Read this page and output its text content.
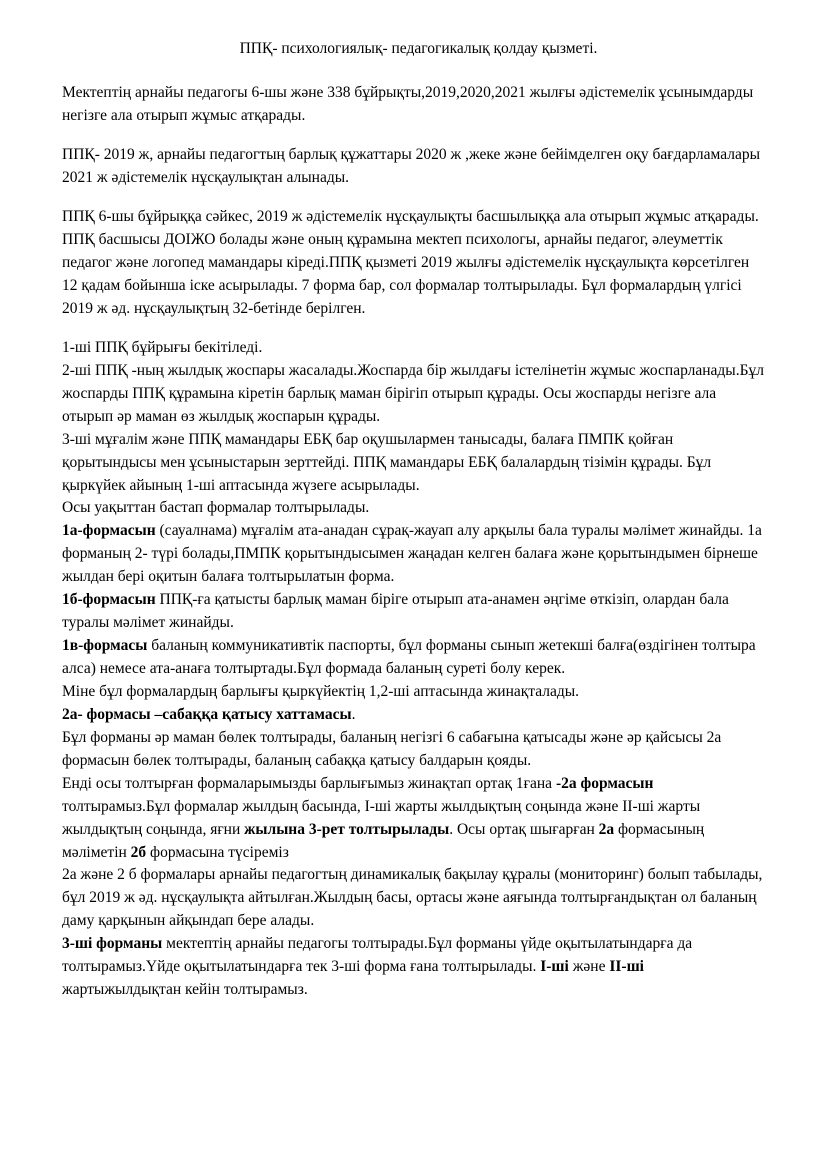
ППҚ- психологиялық- педагогикалық қолдау қызметі.

Мектептің арнайы педагогы 6-шы және 338 бұйрықты,2019,2020,2021 жылғы әдістемелік ұсынымдарды негізге ала отырып жұмыс атқарады.

ППҚ- 2019 ж, арнайы педагогтың барлық құжаттары 2020 ж ,жеке және бейімделген оқу бағдарламалары 2021 ж әдістемелік нұсқаулықтан алынады.

ППҚ 6-шы бұйрыққа сәйкес, 2019 ж әдістемелік нұсқаулықты басшылыққа ала отырып жұмыс атқарады. ППҚ басшысы ДОІЖО болады және оның құрамына мектеп психологы, арнайы педагог, әлеуметтік педагог және логопед мамандары кіреді.ППҚ қызметі 2019 жылғы әдістемелік нұсқаулықта көрсетілген 12 қадам бойынша іске асырылады. 7 форма бар, сол формалар толтырылады. Бұл формалардың үлгісі 2019 ж әд. нұсқаулықтың 32-бетінде берілген.

1-ші ППҚ бұйрығы бекітіледі.

2-ші ППҚ -ның жылдық жоспары жасалады.Жоспарда бір жылдағы істелінетін жұмыс жоспарланады.Бұл жоспарды ППҚ құрамына кіретін барлық маман бірігіп отырып құрады. Осы жоспарды негізге ала отырып әр маман өз жылдық жоспарын құрады.

3-ші мұғалім және ППҚ мамандары ЕБҚ бар оқушылармен танысады, балаға ПМПК қойған қорытындысы мен ұсыныстарын зерттейді. ППҚ мамандары ЕБҚ балалардың тізімін құрады. Бұл қыркүйек айының 1-ші аптасында жүзеге асырылады.

Осы уақыттан бастап формалар толтырылады.

1а-формасын (сауалнама) мұғалім ата-анадан сұрақ-жауап алу арқылы бала туралы мәлімет жинайды. 1а форманың 2- түрі болады,ПМПК қорытындысымен жаңадан келген балаға және қорытындымен бірнеше жылдан бері оқитын балаға толтырылатын форма.

1б-формасын ППҚ-ға қатысты барлық маман біріге отырып ата-анамен әңгіме өткізіп, олардан бала туралы мәлімет жинайды.

1в-формасы баланың коммуникативтік паспорты, бұл форманы сынып жетекші балға(өздігінен толтыра алса) немесе ата-анаға толтыртады.Бұл формада баланың суреті болу керек.

Міне бұл формалардың барлығы қыркүйектің 1,2-ші аптасында жинақталады.

2а- формасы –сабаққа қатысу хаттамасы.

Бұл форманы әр маман бөлек толтырады, баланың негізгі 6 сабағына қатысады және әр қайсысы 2а формасын бөлек толтырады, баланың сабаққа қатысу балдарын қояды.

Енді осы толтырған формаларымызды барлығымыз жинақтап ортақ 1ғана -2а формасын толтырамыз.Бұл формалар жылдың басында, І-ші жарты жылдықтың соңында және ІІ-ші жарты жылдықтың соңында, яғни жылына 3-рет толтырылады. Осы ортақ шығарған 2а формасының мәліметін 2б формасына түсіреміз

2а және 2 б формалары арнайы педагогтың динамикалық бақылау құралы (мониторинг) болып табылады, бұл 2019 ж әд. нұсқаулықта айтылған.Жылдың басы, ортасы және аяғында толтырғандықтан ол баланың даму қарқынын айқындап бере алады.

3-ші форманы мектептің арнайы педагогы толтырады.Бұл форманы үйде оқытылатындарға да толтырамыз.Үйде оқытылатындарға тек 3-ші форма ғана толтырылады. І-ші және ІІ-ші жартыжылдықтан кейін толтырамыз.
